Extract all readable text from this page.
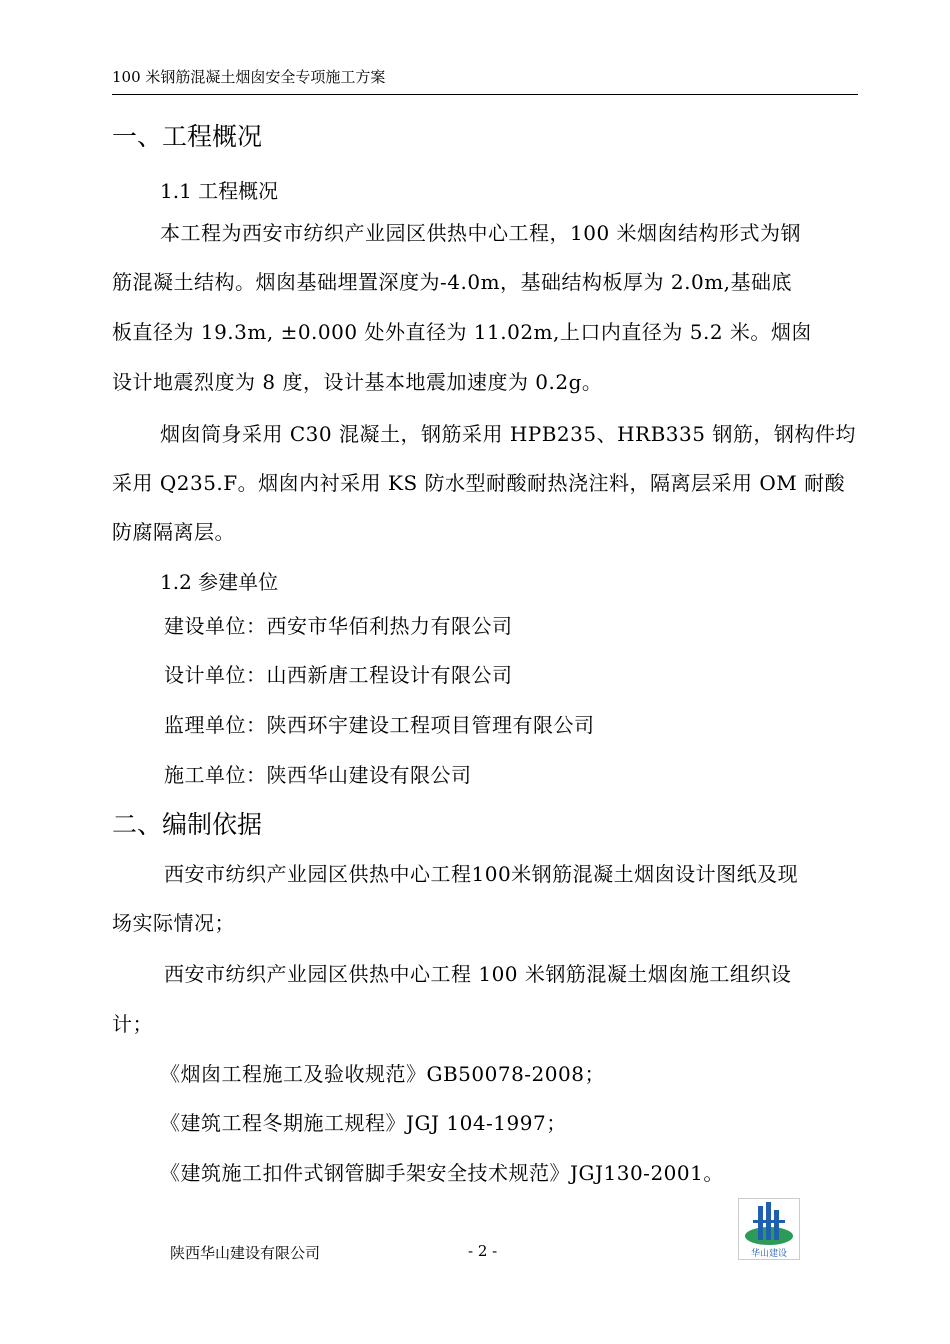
100 米钢筋混凝土烟囱安全专项施工方案
一、工程概况
1.1 工程概况
本工程为西安市纺织产业园区供热中心工程，100 米烟囱结构形式为钢
筋混凝土结构。烟囱基础埋置深度为-4.0m，基础结构板厚为 2.0m,基础底
板直径为 19.3m, ±0.000 处外直径为 11.02m,上口内直径为 5.2 米。烟囱
设计地震烈度为 8 度，设计基本地震加速度为 0.2g。
烟囱筒身采用 C30 混凝土，钢筋采用 HPB235、HRB335 钢筋，钢构件均
采用 Q235.F。烟囱内衬采用 KS 防水型耐酸耐热浇注料，隔离层采用 OM 耐酸
防腐隔离层。
1.2 参建单位
建设单位：西安市华佰利热力有限公司
设计单位：山西新唐工程设计有限公司
监理单位：陕西环宇建设工程项目管理有限公司
施工单位：陕西华山建设有限公司
二、编制依据
西安市纺织产业园区供热中心工程100米钢筋混凝土烟囱设计图纸及现
场实际情况；
西安市纺织产业园区供热中心工程 100 米钢筋混凝土烟囱施工组织设
计；
《烟囱工程施工及验收规范》GB50078-2008；
《建筑工程冬期施工规程》JGJ 104-1997；
《建筑施工扣件式钢管脚手架安全技术规范》JGJ130-2001。
陕西华山建设有限公司	- 2 -	华山建设
